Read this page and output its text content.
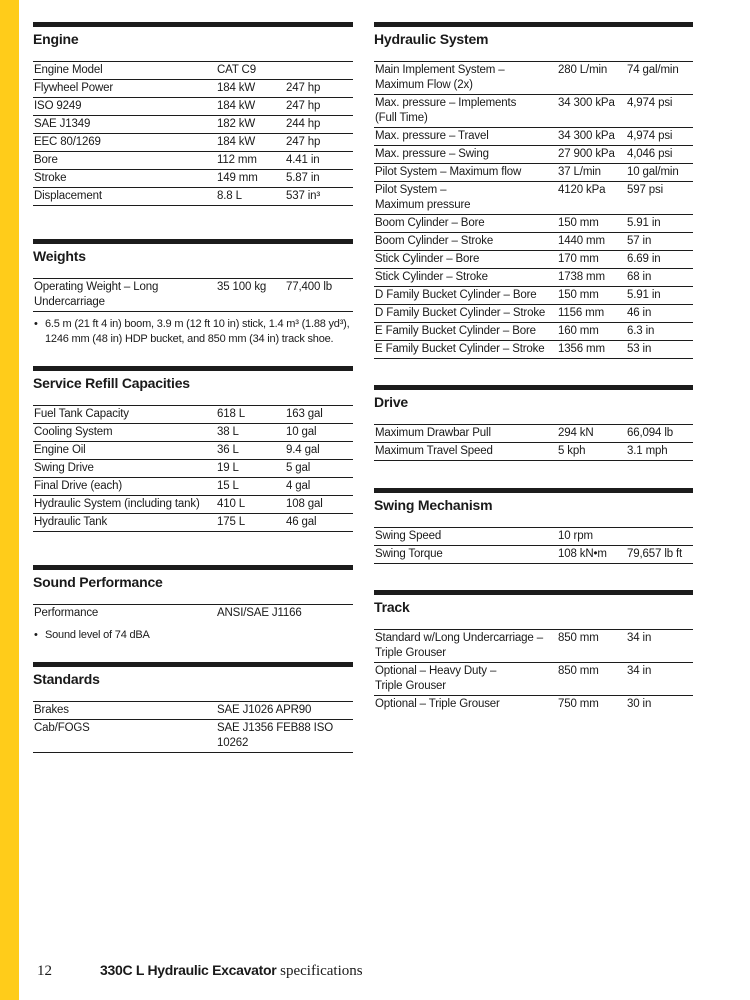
Engine
Engine Model	CAT C9	
Flywheel Power	184 kW	247 hp
ISO 9249	184 kW	247 hp
SAE J1349	182 kW	244 hp
EEC 80/1269	184 kW	247 hp
Bore	112 mm	4.41 in
Stroke	149 mm	5.87 in
Displacement	8.8 L	537 in³
Weights
Operating Weight – Long Undercarriage	35 100 kg	77,400 lb
• 6.5 m (21 ft 4 in) boom, 3.9 m (12 ft 10 in) stick, 1.4 m³ (1.88 yd³), 1246 mm (48 in) HDP bucket, and 850 mm (34 in) track shoe.
Service Refill Capacities
Fuel Tank Capacity	618 L	163 gal
Cooling System	38 L	10 gal
Engine Oil	36 L	9.4 gal
Swing Drive	19 L	5 gal
Final Drive (each)	15 L	4 gal
Hydraulic System (including tank)	410 L	108 gal
Hydraulic Tank	175 L	46 gal
Sound Performance
Performance	ANSI/SAE J1166
• Sound level of 74 dBA
Standards
Brakes	SAE J1026 APR90
Cab/FOGS	SAE J1356 FEB88 ISO 10262
Hydraulic System
Main Implement System – Maximum Flow (2x)	280 L/min	74 gal/min
Max. pressure – Implements (Full Time)	34 300 kPa	4,974 psi
Max. pressure – Travel	34 300 kPa	4,974 psi
Max. pressure – Swing	27 900 kPa	4,046 psi
Pilot System – Maximum flow	37 L/min	10 gal/min
Pilot System – Maximum pressure	4120 kPa	597 psi
Boom Cylinder – Bore	150 mm	5.91 in
Boom Cylinder – Stroke	1440 mm	57 in
Stick Cylinder – Bore	170 mm	6.69 in
Stick Cylinder – Stroke	1738 mm	68 in
D Family Bucket Cylinder – Bore	150 mm	5.91 in
D Family Bucket Cylinder – Stroke	1156 mm	46 in
E Family Bucket Cylinder – Bore	160 mm	6.3 in
E Family Bucket Cylinder – Stroke	1356 mm	53 in
Drive
Maximum Drawbar Pull	294 kN	66,094 lb
Maximum Travel Speed	5 kph	3.1 mph
Swing Mechanism
Swing Speed	10 rpm	
Swing Torque	108 kN•m	79,657 lb ft
Track
Standard w/Long Undercarriage – Triple Grouser	850 mm	34 in
Optional – Heavy Duty – Triple Grouser	850 mm	34 in
Optional – Triple Grouser	750 mm	30 in
12	330C L Hydraulic Excavator specifications
